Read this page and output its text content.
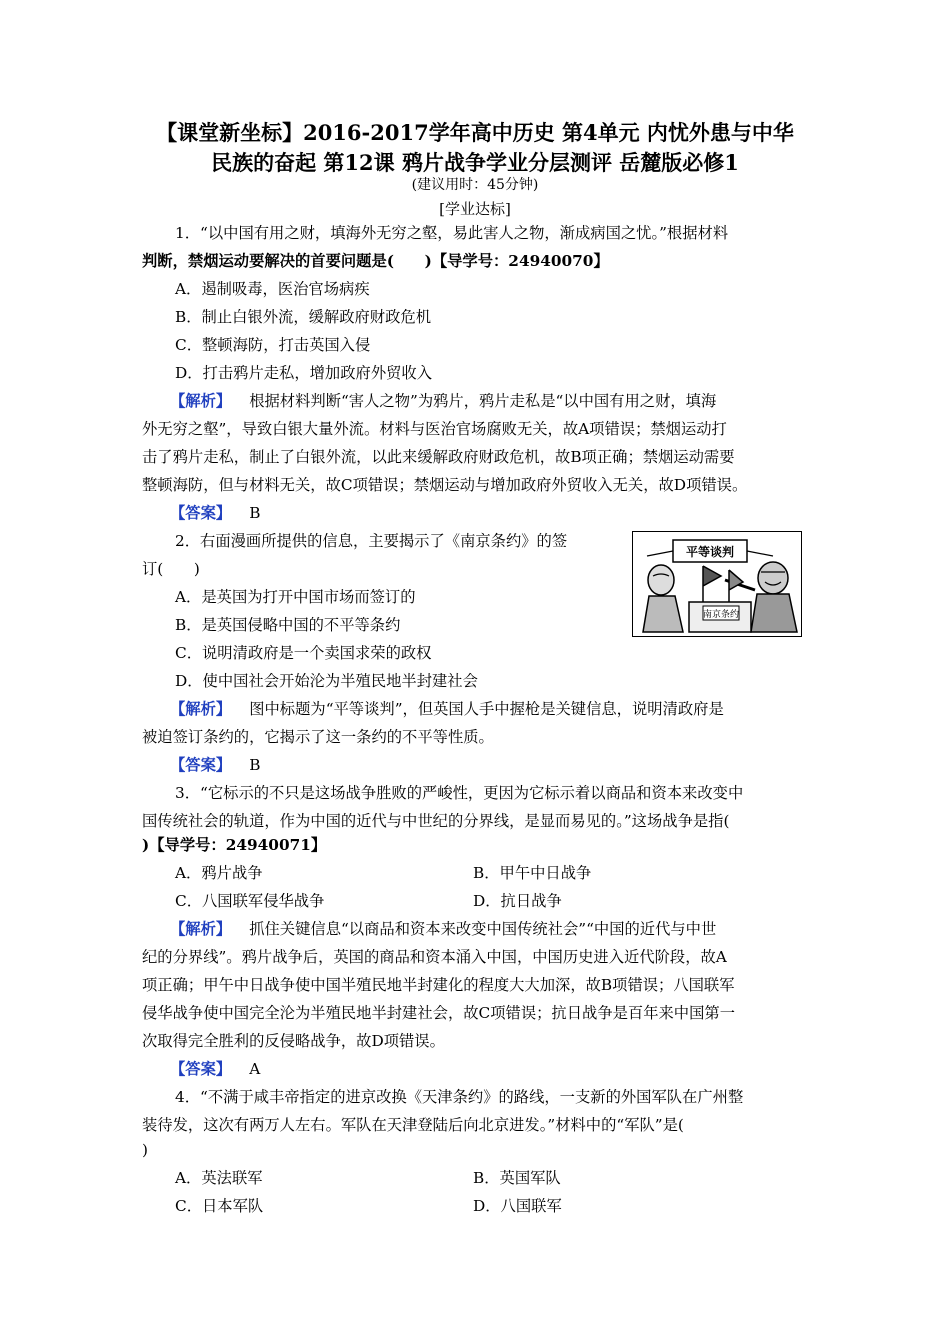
【课堂新坐标】2016-2017学年高中历史 第4单元 内忧外患与中华
民族的奋起 第12课 鸦片战争学业分层测评 岳麓版必修1
(建议用时：45分钟)
[学业达标]
1．“以中国有用之财，填海外无穷之壑，易此害人之物，渐成病国之忧。”根据材料
判断，禁烟运动要解决的首要问题是(　　)【导学号：24940070】
A．遏制吸毒，医治官场病疾
B．制止白银外流，缓解政府财政危机
C．整顿海防，打击英国入侵
D．打击鸦片走私，增加政府外贸收入
【解析】 根据材料判断“害人之物”为鸦片，鸦片走私是“以中国有用之财，填海
外无穷之壑”，导致白银大量外流。材料与医治官场腐败无关，故A项错误；禁烟运动打
击了鸦片走私，制止了白银外流，以此来缓解政府财政危机，故B项正确；禁烟运动需要
整顿海防，但与材料无关，故C项错误；禁烟运动与增加政府外贸收入无关，故D项错误。
【答案】 B
2．右面漫画所提供的信息，主要揭示了《南京条约》的签
订(　　)
A．是英国为打开中国市场而签订的
B．是英国侵略中国的不平等条约
C．说明清政府是一个卖国求荣的政权
D．使中国社会开始沦为半殖民地半封建社会
平等谈判
南京条约
【解析】 图中标题为“平等谈判”，但英国人手中握枪是关键信息，说明清政府是
被迫签订条约的，它揭示了这一条约的不平等性质。
【答案】 B
3．“它标示的不只是这场战争胜败的严峻性，更因为它标示着以商品和资本来改变中
国传统社会的轨道，作为中国的近代与中世纪的分界线，是显而易见的。”这场战争是指(
)【导学号：24940071】
A．鸦片战争	B．甲午中日战争
C．八国联军侵华战争	D．抗日战争
【解析】 抓住关键信息“以商品和资本来改变中国传统社会”“中国的近代与中世
纪的分界线”。鸦片战争后，英国的商品和资本涌入中国，中国历史进入近代阶段，故A
项正确；甲午中日战争使中国半殖民地半封建化的程度大大加深，故B项错误；八国联军
侵华战争使中国完全沦为半殖民地半封建社会，故C项错误；抗日战争是百年来中国第一
次取得完全胜利的反侵略战争，故D项错误。
【答案】 A
4．“不满于咸丰帝指定的进京改换《天津条约》的路线，一支新的外国军队在广州整
装待发，这次有两万人左右。军队在天津登陆后向北京进发。”材料中的“军队”是(
)
A．英法联军	B．英国军队
C．日本军队	D．八国联军
